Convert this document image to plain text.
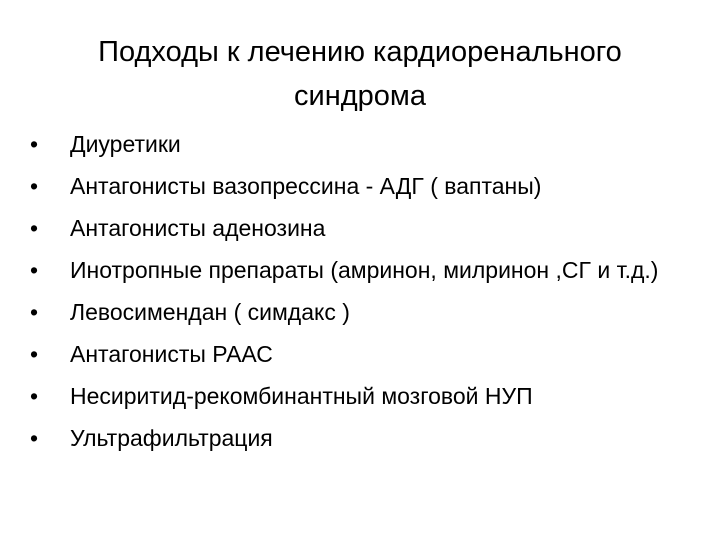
Подходы к лечению кардиоренального
синдрома
•	Диуретики
•	Антагонисты вазопрессина - АДГ ( ваптаны)
•	Антагонисты аденозина
•	Инотропные препараты (амринон, милринон ,СГ и т.д.)
•	Левосимендан ( симдакс )
•	Антагонисты РААС
•	Несиритид-рекомбинантный мозговой НУП
•	Ультрафильтрация
